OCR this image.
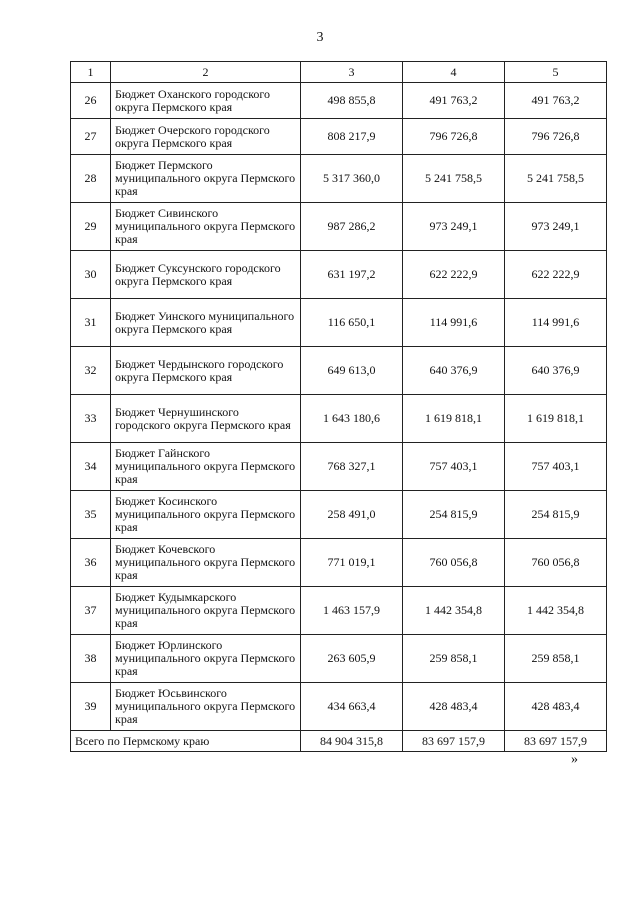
3
1	2	3	4	5
26	Бюджет Оханского городского округа Пермского края	498 855,8	491 763,2	491 763,2
27	Бюджет Очерского городского округа Пермского края	808 217,9	796 726,8	796 726,8
28	Бюджет Пермского муниципального округа Пермского края	5 317 360,0	5 241 758,5	5 241 758,5
29	Бюджет Сивинского муниципального округа Пермского края	987 286,2	973 249,1	973 249,1
30	Бюджет Суксунского городского округа Пермского края	631 197,2	622 222,9	622 222,9
31	Бюджет Уинского муниципального округа Пермского края	116 650,1	114 991,6	114 991,6
32	Бюджет Чердынского городского округа Пермского края	649 613,0	640 376,9	640 376,9
33	Бюджет Чернушинского городского округа Пермского края	1 643 180,6	1 619 818,1	1 619 818,1
34	Бюджет Гайнского муниципального округа Пермского края	768 327,1	757 403,1	757 403,1
35	Бюджет Косинского муниципального округа Пермского края	258 491,0	254 815,9	254 815,9
36	Бюджет Кочевского муниципального округа Пермского края	771 019,1	760 056,8	760 056,8
37	Бюджет Кудымкарского муниципального округа Пермского края	1 463 157,9	1 442 354,8	1 442 354,8
38	Бюджет Юрлинского муниципального округа Пермского края	263 605,9	259 858,1	259 858,1
39	Бюджет Юсьвинского муниципального округа Пермского края	434 663,4	428 483,4	428 483,4
Всего по Пермскому краю		84 904 315,8	83 697 157,9	83 697 157,9
»
